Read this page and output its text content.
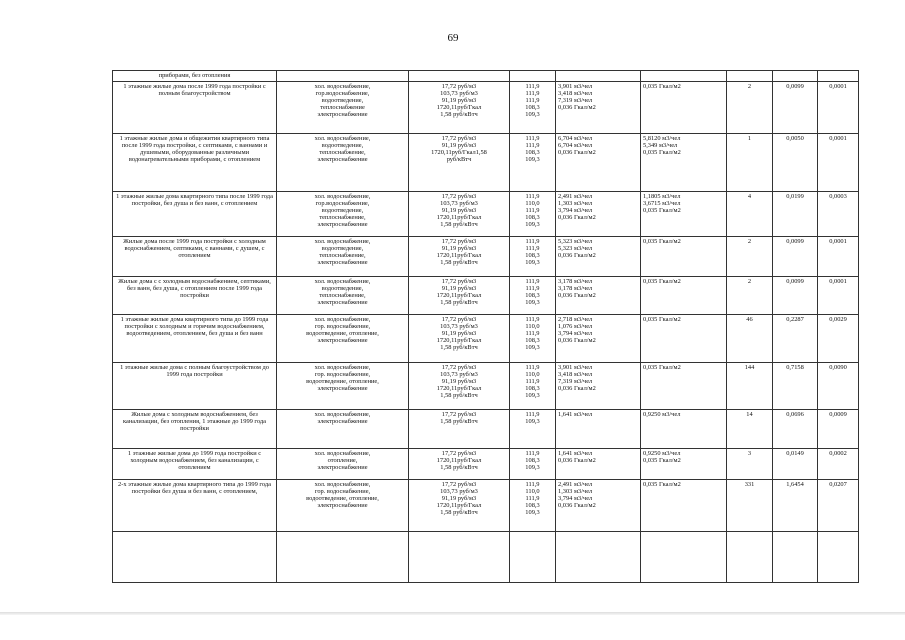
69
приборами, без отопления								
1 этажные жилые дома после 1999 года постройки с полным благоустройством	хол. водоснабжение,
гор.водоснабжение,
водоотведение,
теплоснабжение
электроснабжение	17,72 руб/м3
103,73 руб/м3
91,19 руб/м3
1720,11руб/Гкал
1,58 руб/кВтч	111,9
111,9
111,9
108,3
109,3	3,901 м3/чел
3,418 м3/чел
7,319 м3/чел
0,036 Гкал/м2	0,035 Гкал/м2	2	0,0099	0,0001
1 этажные жилые дома и общежития квартирного типа после 1999 года постройки, с септиками, с ваннами и душевыми, оборудованные различными водонагревательными приборами, с отоплением	хол. водоснабжение,
водоотведение,
теплоснабжение,
электроснабжение	17,72 руб/м3
91,19 руб/м3
1720,11руб/Гкал1,58
руб/кВтч	111,9
111,9
108,3
109,3	6,704 м3/чел
6,704 м3/чел
0,036 Гкал/м2	5,8120 м3/чел
5,349 м3/чел
0,035 Гкал/м2	1	0,0050	0,0001
1 этажные жилые дома квартирного типа после 1999 года постройки, без душа и без ванн, с отоплением	хол. водоснабжение,
гор.водоснабжение,
водоотведение,
теплоснабжение,
электроснабжение	17,72 руб/м3
103,73 руб/м3
91,19 руб/м3
1720,11руб/Гкал
1,58 руб/кВтч	111,9
110,0
111,9
108,3
109,3	2,491 м3/чел
1,303 м3/чел
3,794 м3/чел
0,036 Гкал/м2	1,1805 м3/чел
3,6715 м3/чел
0,035 Гкал/м2	4	0,0199	0,0003
Жилые дома после 1999 года постройки с холодным водоснабжением, септиками, с ваннами, с душем, с отоплением	хол. водоснабжение,
водоотведение,
теплоснабжение,
электроснабжение	17,72 руб/м3
91,19 руб/м3
1720,11руб/Гкал
1,58 руб/кВтч	111,9
111,9
108,3
109,3	5,323 м3/чел
5,323 м3/чел
0,036 Гкал/м2	0,035 Гкал/м2	2	0,0099	0,0001
Жилые дома с с холодным водоснабжением, септиками, без ванн, без душа, с отоплением после 1999 года постройки	хол. водоснабжение,
водоотведение,
теплоснабжение,
электроснабжение	17,72 руб/м3
91,19 руб/м3
1720,11руб/Гкал
1,58 руб/кВтч	111,9
111,9
108,3
109,3	3,178 м3/чел
3,178 м3/чел
0,036 Гкал/м2	0,035 Гкал/м2	2	0,0099	0,0001
1 этажные жилые дома квартирного типа до 1999 года постройки с холодным и горячим водоснабжением, водоотведением, отоплением, без душа и без ванн	хол. водоснабжение,
гор. водоснабжение,
водоотведение, отопление,
электроснабжение	17,72 руб/м3
103,73 руб/м3
91,19 руб/м3
1720,11руб/Гкал
1,58 руб/кВтч	111,9
110,0
111,9
108,3
109,3	2,718 м3/чел
1,076 м3/чел
3,794 м3/чел
0,036 Гкал/м2	0,035 Гкал/м2	46	0,2287	0,0029
1 этажные жилые дома с полным благоустройством до 1999 года постройки	хол. водоснабжение,
гор. водоснабжение,
водоотведение, отопление,
электроснабжение	17,72 руб/м3
103,73 руб/м3
91,19 руб/м3
1720,11руб/Гкал
1,58 руб/кВтч	111,9
110,0
111,9
108,3
109,3	3,901 м3/чел
3,418 м3/чел
7,319 м3/чел
0,036 Гкал/м2	0,035 Гкал/м2	144	0,7158	0,0090
Жилые дома с холодным водоснабжением, без канализации, без отопления, 1 этажные до 1999 года постройки	хол. водоснабжение,
электроснабжение	17,72 руб/м3
1,58 руб/кВтч	111,9
109,3	1,641 м3/чел	0,9250 м3/чел	14	0,0696	0,0009
1 этажные жилые дома до 1999 года постройки с холодным водоснабжением, без канализации, с отоплением	хол. водоснабжение,
отопление,
электроснабжение	17,72 руб/м3
1720,11руб/Гкал
1,58 руб/кВтч	111,9
108,3
109,3	1,641 м3/чел
0,036 Гкал/м2	0,9250 м3/чел
0,035 Гкал/м2	3	0,0149	0,0002
2-х этажные жилые дома квартирного типа до 1999 года постройки без душа и без ванн, с отоплением,	хол. водоснабжение,
гор. водоснабжение,
водоотведение, отопление,
электроснабжение	17,72 руб/м3
103,73 руб/м3
91,19 руб/м3
1720,11руб/Гкал
1,58 руб/кВтч	111,9
110,0
111,9
108,3
109,3	2,491 м3/чел
1,303 м3/чел
3,794 м3/чел
0,036 Гкал/м2	0,035 Гкал/м2	331	1,6454	0,0207
